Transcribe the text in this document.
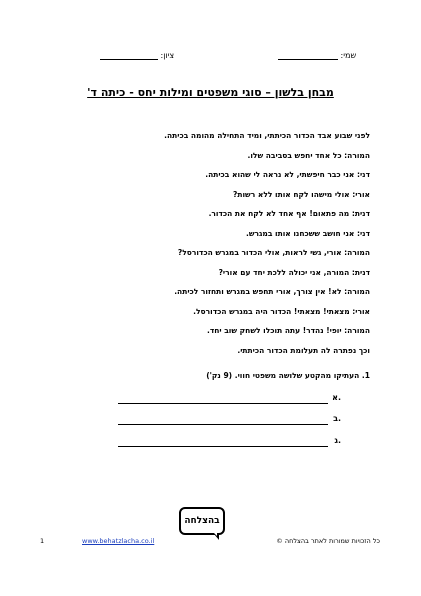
ציון:	שמי:
מבחן בלשון – סוגי משפטים ומילות יחס - כיתה ד'
לפני שבוע אבד הכדור הכיתתי, ומיד התחילה מהומה בכיתה.
המורה: כל אחד יחפש בסביבה שלו.
דני: אני כבר חיפשתי, לא נראה לי שהוא בכיתה.
אורי: אולי מישהו לקח אותו ללא רשות?
דנית: מה פתאום! אף אחד לא לקח את הכדור.
דני: אני חושב ששכחנו אותו במגרש.
המורה: אורי, גשי לראות, אולי הכדור במגרש הכדורסל?
דנית: המורה, אני יכולה ללכת יחד עם אורי?
המורה: לא! אין צורך, אורי תחפש במגרש ותחזור לכיתה.
אורי: מצאתי! מצאתי! הכדור היה במגרש הכדורסל.
המורה: יופי! נהדר! עתה תוכלו לשחק שוב יחד.
וכך נפתרה לה תעלומת הכדור הכיתתי.
1. העתיקו מהקטע שלושה משפטי חווי. (9 נק')
א.
ב.
ג.
בהצלחה
1	www.behatzlacha.co.il	כל הזכויות שמורות לאתר בהצלחה ©
